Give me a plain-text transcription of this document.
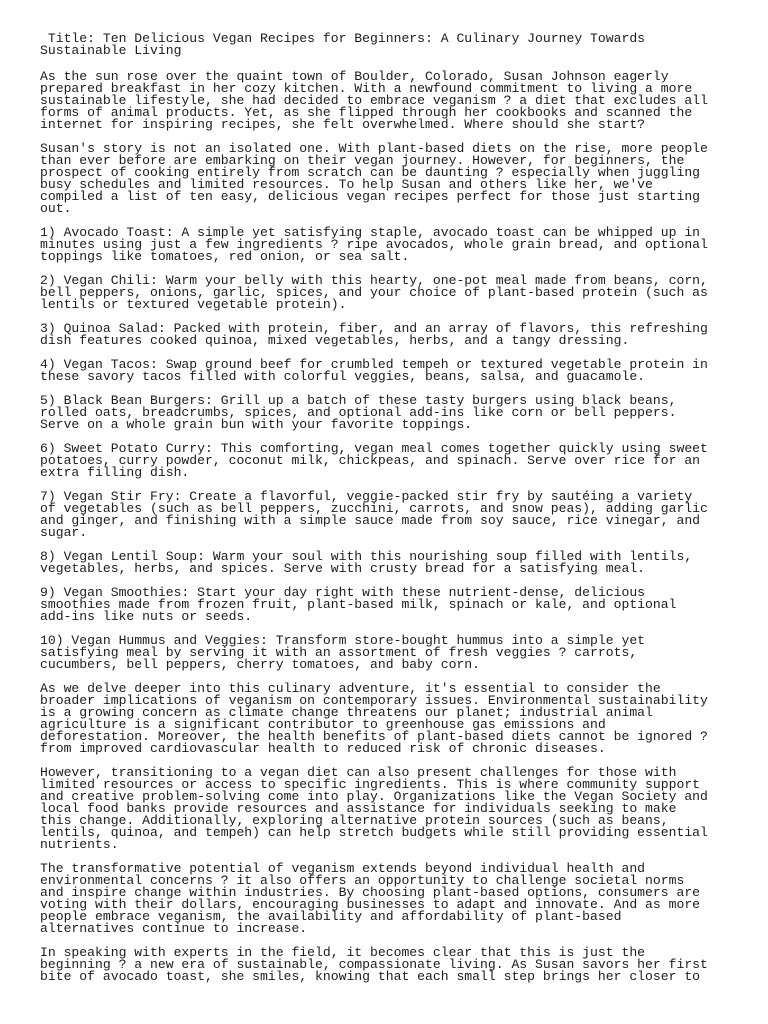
Title: Ten Delicious Vegan Recipes for Beginners: A Culinary Journey Towards Sustainable Living

As the sun rose over the quaint town of Boulder, Colorado, Susan Johnson eagerly prepared breakfast in her cozy kitchen. With a newfound commitment to living a more sustainable lifestyle, she had decided to embrace veganism ? a diet that excludes all forms of animal products. Yet, as she flipped through her cookbooks and scanned the internet for inspiring recipes, she felt overwhelmed. Where should she start?

Susan's story is not an isolated one. With plant-based diets on the rise, more people than ever before are embarking on their vegan journey. However, for beginners, the prospect of cooking entirely from scratch can be daunting ? especially when juggling busy schedules and limited resources. To help Susan and others like her, we've compiled a list of ten easy, delicious vegan recipes perfect for those just starting out.

1) Avocado Toast: A simple yet satisfying staple, avocado toast can be whipped up in minutes using just a few ingredients ? ripe avocados, whole grain bread, and optional toppings like tomatoes, red onion, or sea salt.

2) Vegan Chili: Warm your belly with this hearty, one-pot meal made from beans, corn, bell peppers, onions, garlic, spices, and your choice of plant-based protein (such as lentils or textured vegetable protein).

3) Quinoa Salad: Packed with protein, fiber, and an array of flavors, this refreshing dish features cooked quinoa, mixed vegetables, herbs, and a tangy dressing.

4) Vegan Tacos: Swap ground beef for crumbled tempeh or textured vegetable protein in these savory tacos filled with colorful veggies, beans, salsa, and guacamole.

5) Black Bean Burgers: Grill up a batch of these tasty burgers using black beans, rolled oats, breadcrumbs, spices, and optional add-ins like corn or bell peppers. Serve on a whole grain bun with your favorite toppings.

6) Sweet Potato Curry: This comforting, vegan meal comes together quickly using sweet potatoes, curry powder, coconut milk, chickpeas, and spinach. Serve over rice for an extra filling dish.

7) Vegan Stir Fry: Create a flavorful, veggie-packed stir fry by sautéing a variety of vegetables (such as bell peppers, zucchini, carrots, and snow peas), adding garlic and ginger, and finishing with a simple sauce made from soy sauce, rice vinegar, and sugar.

8) Vegan Lentil Soup: Warm your soul with this nourishing soup filled with lentils, vegetables, herbs, and spices. Serve with crusty bread for a satisfying meal.

9) Vegan Smoothies: Start your day right with these nutrient-dense, delicious smoothies made from frozen fruit, plant-based milk, spinach or kale, and optional add-ins like nuts or seeds.

10) Vegan Hummus and Veggies: Transform store-bought hummus into a simple yet satisfying meal by serving it with an assortment of fresh veggies ? carrots, cucumbers, bell peppers, cherry tomatoes, and baby corn.

As we delve deeper into this culinary adventure, it's essential to consider the broader implications of veganism on contemporary issues. Environmental sustainability is a growing concern as climate change threatens our planet; industrial animal agriculture is a significant contributor to greenhouse gas emissions and deforestation. Moreover, the health benefits of plant-based diets cannot be ignored ? from improved cardiovascular health to reduced risk of chronic diseases.

However, transitioning to a vegan diet can also present challenges for those with limited resources or access to specific ingredients. This is where community support and creative problem-solving come into play. Organizations like the Vegan Society and local food banks provide resources and assistance for individuals seeking to make this change. Additionally, exploring alternative protein sources (such as beans, lentils, quinoa, and tempeh) can help stretch budgets while still providing essential nutrients.

The transformative potential of veganism extends beyond individual health and environmental concerns ? it also offers an opportunity to challenge societal norms and inspire change within industries. By choosing plant-based options, consumers are voting with their dollars, encouraging businesses to adapt and innovate. And as more people embrace veganism, the availability and affordability of plant-based alternatives continue to increase.

In speaking with experts in the field, it becomes clear that this is just the beginning ? a new era of sustainable, compassionate living. As Susan savors her first bite of avocado toast, she smiles, knowing that each small step brings her closer to
